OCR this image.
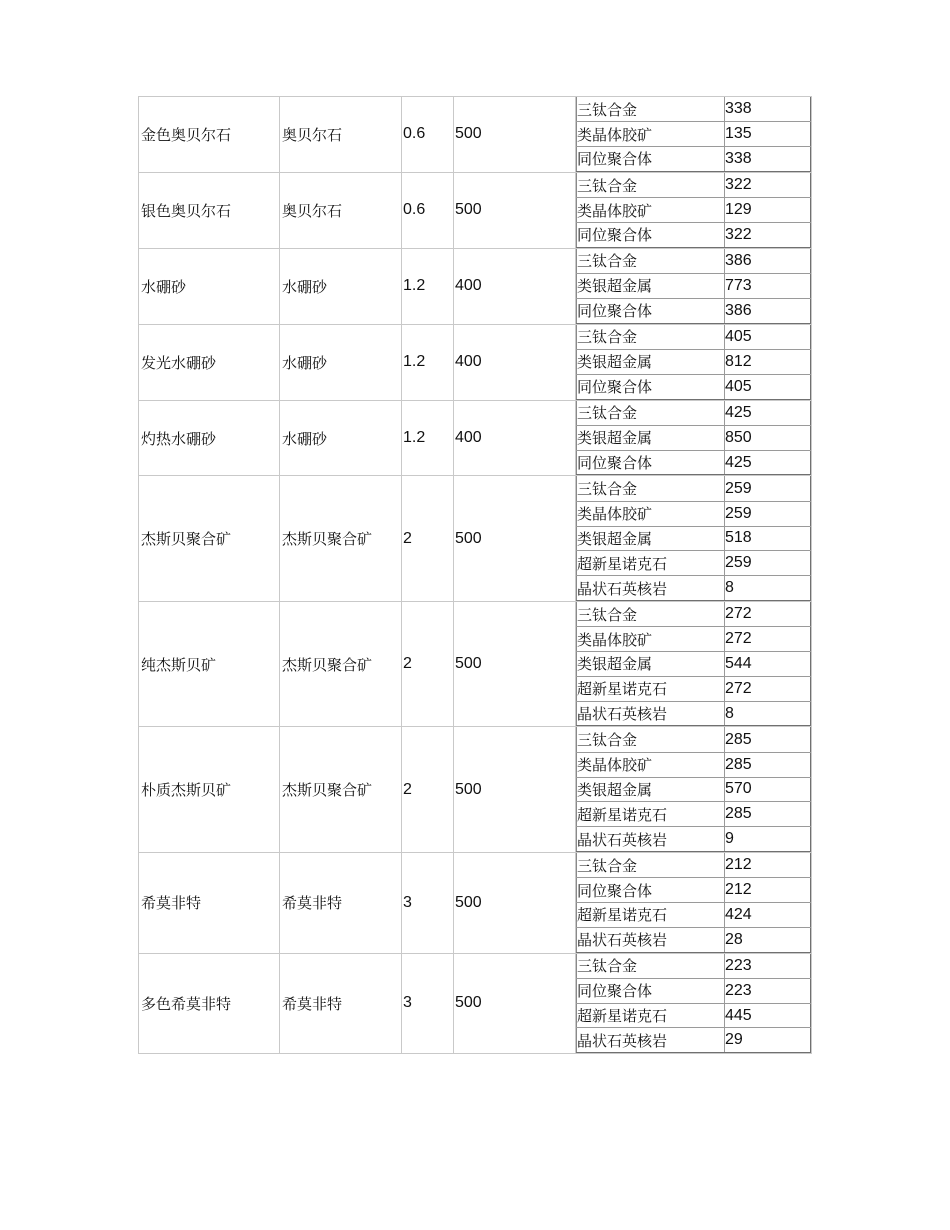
金色奥贝尔石	奥贝尔石	0.6	500	
三钛合金	338
类晶体胶矿	135
同位聚合体	338

银色奥贝尔石	奥贝尔石	0.6	500	
三钛合金	322
类晶体胶矿	129
同位聚合体	322

水硼砂	水硼砂	1.2	400	
三钛合金	386
类银超金属	773
同位聚合体	386

发光水硼砂	水硼砂	1.2	400	
三钛合金	405
类银超金属	812
同位聚合体	405

灼热水硼砂	水硼砂	1.2	400	
三钛合金	425
类银超金属	850
同位聚合体	425

杰斯贝聚合矿	杰斯贝聚合矿	2	500	
三钛合金	259
类晶体胶矿	259
类银超金属	518
超新星诺克石	259
晶状石英核岩	8

纯杰斯贝矿	杰斯贝聚合矿	2	500	
三钛合金	272
类晶体胶矿	272
类银超金属	544
超新星诺克石	272
晶状石英核岩	8

朴质杰斯贝矿	杰斯贝聚合矿	2	500	
三钛合金	285
类晶体胶矿	285
类银超金属	570
超新星诺克石	285
晶状石英核岩	9

希莫非特	希莫非特	3	500	
三钛合金	212
同位聚合体	212
超新星诺克石	424
晶状石英核岩	28

多色希莫非特	希莫非特	3	500	
三钛合金	223
同位聚合体	223
超新星诺克石	445
晶状石英核岩	29
